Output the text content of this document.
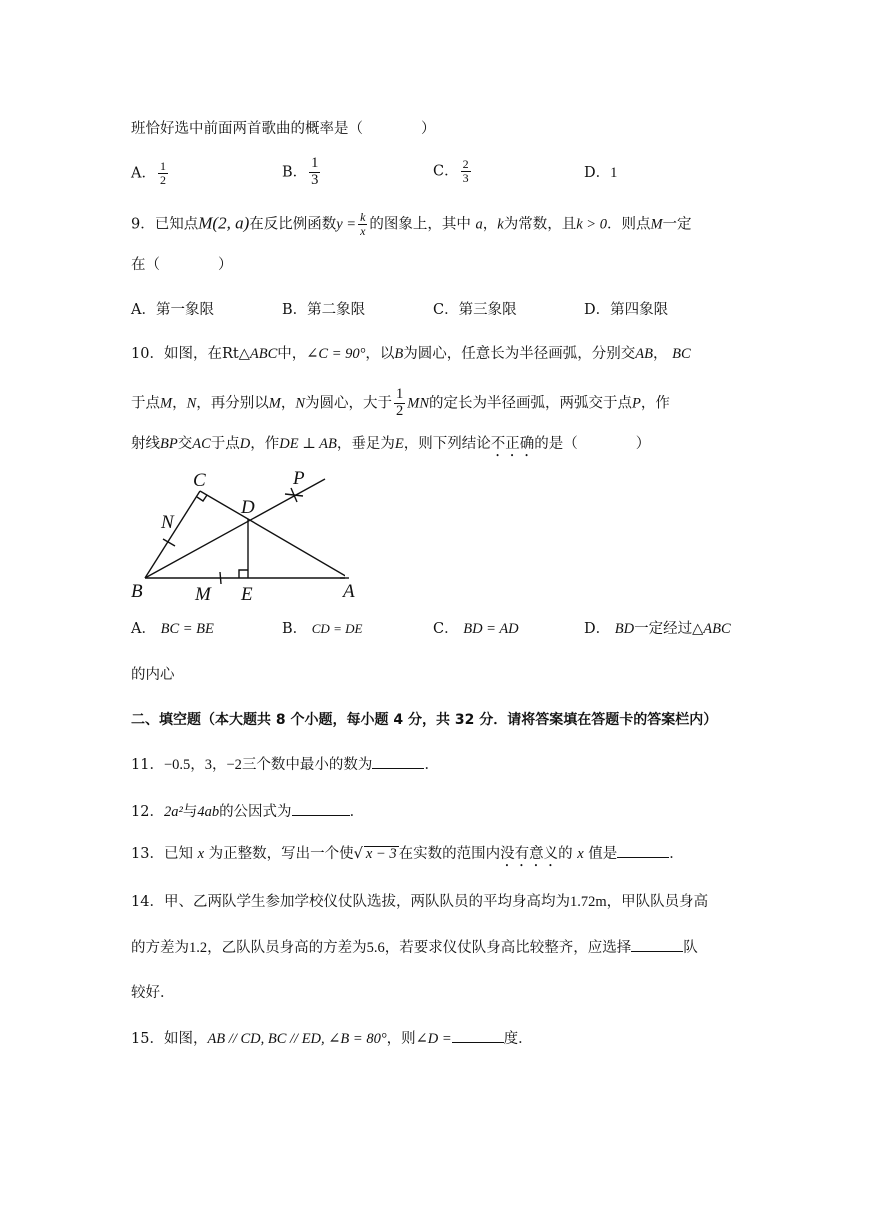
班恰好选中前面两首歌曲的概率是（　　　　）
A． $\frac{1}{2}$	B． $\frac{1}{3}$	C． $\frac{2}{3}$	D．1
9．已知点M(2, a)在反比例函数$y = \frac{k}{x}$ 的图象上，其中 a，k为常数，且k > 0．则点M一定
在（　　　　）
A．第一象限	B．第二象限	C．第三象限	D．第四象限
10．如图，在Rt△ABC中，∠C = 90°，以B为圆心，任意长为半径画弧，分别交AB， BC
于点M，N，再分别以M，N为圆心，大于 $\frac{1}{2}$ MN的定长为半径画弧，两弧交于点P，作
射线BP交AC于点D，作DE ⊥ AB，垂足为E，则下列结论不正确的是（　　　　）
C	P
N
D
B	M E	A
A． BC = BE	B． CD = DE	C． BD = AD	D． BD一定经过△ABC
的内心
二、填空题（本大题共 8 个小题，每小题 4 分，共 32 分．请将答案填在答题卡的答案栏内）
11．−0.5，3，−2三个数中最小的数为	．
12．2a²与4ab的公因式为	．
13．已知 x 为正整数，写出一个使√ x − 3 在实数的范围内没有意义的 x 值是	．
14．甲、乙两队学生参加学校仪仗队选拔，两队队员的平均身高均为1.72m，甲队队员身高
的方差为1.2，乙队队员身高的方差为5.6，若要求仪仗队身高比较整齐，应选择	队
较好．
15．如图，AB // CD, BC // ED, ∠B = 80°，则∠D =	度．
